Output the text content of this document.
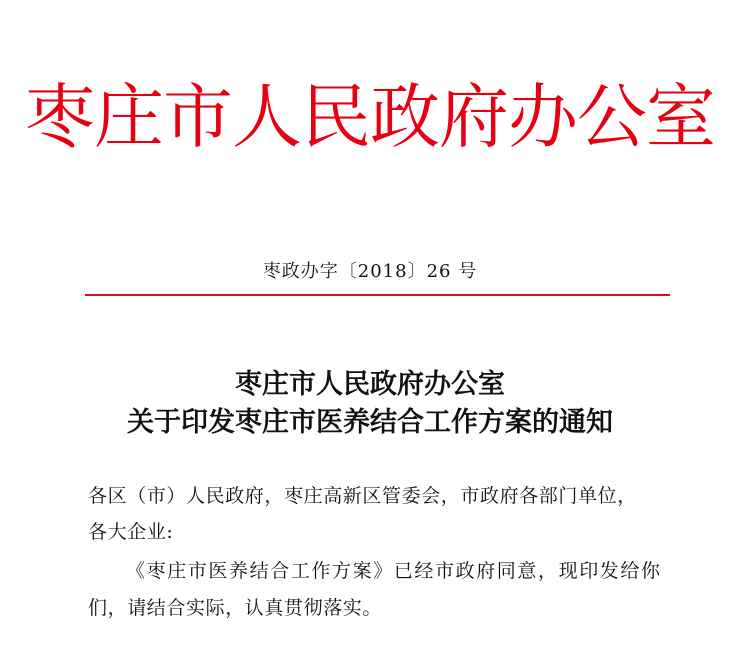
枣庄市人民政府办公室
枣政办字〔2018〕26 号
枣庄市人民政府办公室
关于印发枣庄市医养结合工作方案的通知
各区（市）人民政府，枣庄高新区管委会，市政府各部门单位，
各大企业:
《枣庄市医养结合工作方案》已经市政府同意，现印发给你
们，请结合实际，认真贯彻落实。
